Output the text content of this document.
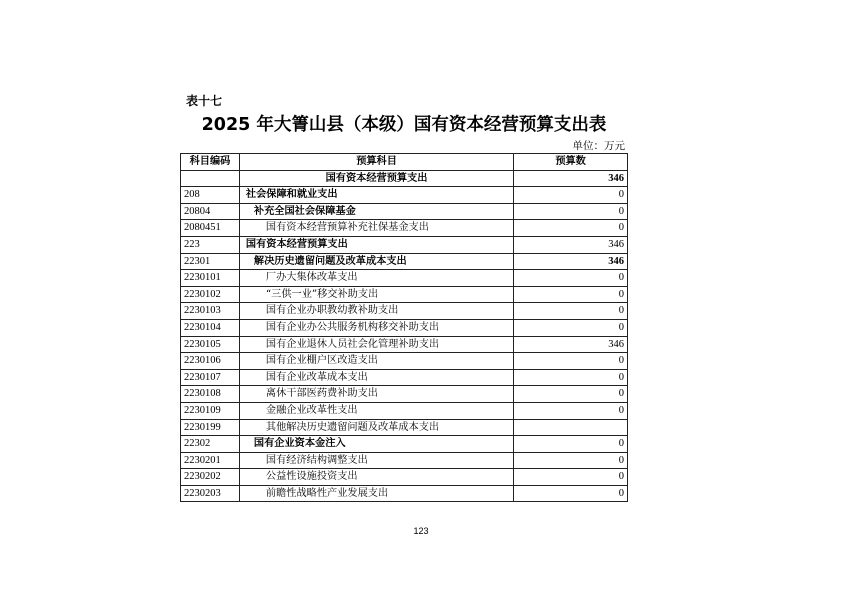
表十七
2025 年大箐山县（本级）国有资本经营预算支出表
单位：万元
科目编码	预算科目	预算数
	国有资本经营预算支出	346
208	社会保障和就业支出	0
20804	补充全国社会保障基金	0
2080451	国有资本经营预算补充社保基金支出	0
223	国有资本经营预算支出	346
22301	解决历史遗留问题及改革成本支出	346
2230101	厂办大集体改革支出	0
2230102	“三供一业”移交补助支出	0
2230103	国有企业办职教幼教补助支出	0
2230104	国有企业办公共服务机构移交补助支出	0
2230105	国有企业退休人员社会化管理补助支出	346
2230106	国有企业棚户区改造支出	0
2230107	国有企业改革成本支出	0
2230108	离休干部医药费补助支出	0
2230109	金融企业改革性支出	0
2230199	其他解决历史遗留问题及改革成本支出	
22302	国有企业资本金注入	0
2230201	国有经济结构调整支出	0
2230202	公益性设施投资支出	0
2230203	前瞻性战略性产业发展支出	0
123
